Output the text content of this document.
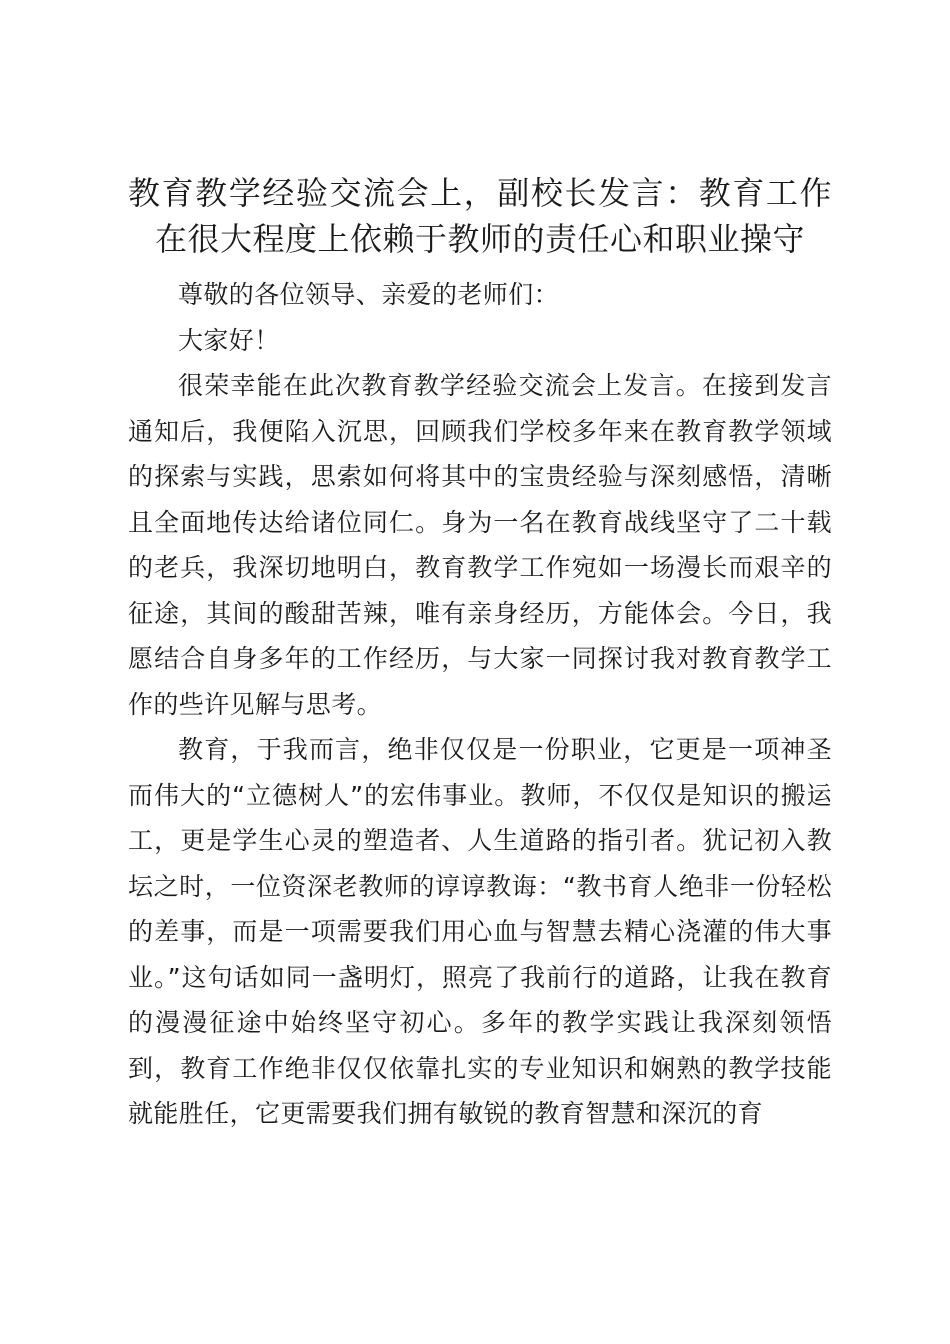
教育教学经验交流会上，副校长发言：教育工作在很大程度上依赖于教师的责任心和职业操守

尊敬的各位领导、亲爱的老师们：

大家好！

很荣幸能在此次教育教学经验交流会上发言。在接到发言通知后，我便陷入沉思，回顾我们学校多年来在教育教学领域的探索与实践，思索如何将其中的宝贵经验与深刻感悟，清晰且全面地传达给诸位同仁。身为一名在教育战线坚守了二十载的老兵，我深切地明白，教育教学工作宛如一场漫长而艰辛的征途，其间的酸甜苦辣，唯有亲身经历，方能体会。今日，我愿结合自身多年的工作经历，与大家一同探讨我对教育教学工作的些许见解与思考。

教育，于我而言，绝非仅仅是一份职业，它更是一项神圣而伟大的“立德树人”的宏伟事业。教师，不仅仅是知识的搬运工，更是学生心灵的塑造者、人生道路的指引者。犹记初入教坛之时，一位资深老教师的谆谆教诲：“教书育人绝非一份轻松的差事，而是一项需要我们用心血与智慧去精心浇灌的伟大事业。”这句话如同一盏明灯，照亮了我前行的道路，让我在教育的漫漫征途中始终坚守初心。多年的教学实践让我深刻领悟到，教育工作绝非仅仅依靠扎实的专业知识和娴熟的教学技能就能胜任，它更需要我们拥有敏锐的教育智慧和深沉的育
